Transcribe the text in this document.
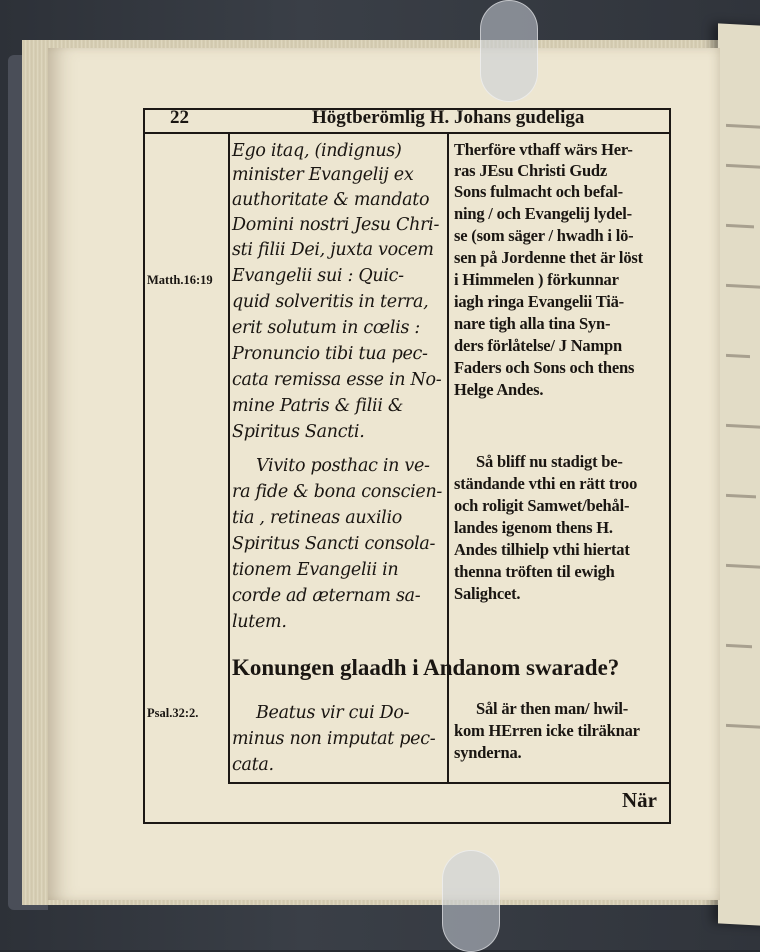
22	Högtberömlig H. Johans gudeliga
Matth.16:19
Psal.32:2.
Ego itaq, (indignus)
minister Evangelij ex
authoritate & mandato
Domini nostri Jesu Chri-
sti filii Dei, juxta vocem
Evangelii sui : Quic-
quid solveritis in terra,
erit solutum in cœlis :
Pronuncio tibi tua pec-
cata remissa esse in No-
mine Patris & filii &
Spiritus Sancti.
Vivito posthac in ve-
ra fide & bona conscien-
tia , retineas auxilio
Spiritus Sancti consola-
tionem Evangelii in
corde ad æternam sa-
lutem.
Therföre vthaff wärs Her-
ras JEsu Christi Gudz
Sons fulmacht och befal-
ning / och Evangelij lydel-
se (som säger / hwadh i lö-
sen på Jordenne thet är löst
i Himmelen ) förkunnar
iagh ringa Evangelii Tiä-
nare tigh alla tina Syn-
ders förlåtelse/ J Nampn
Faders och Sons och thens
Helge Andes.
Så bliff nu stadigt be-
ständande vthi en rätt troo
och roligit Samwet/behål-
landes igenom thens H.
Andes tilhielp vthi hiertat
thenna tröften til ewigh
Salighcet.
Konungen glaadh i Andanom swarade?
Beatus vir cui Do-
minus non imputat pec-
cata.
Sål är then man/ hwil-
kom HErren icke tilräknar
synderna.
När
